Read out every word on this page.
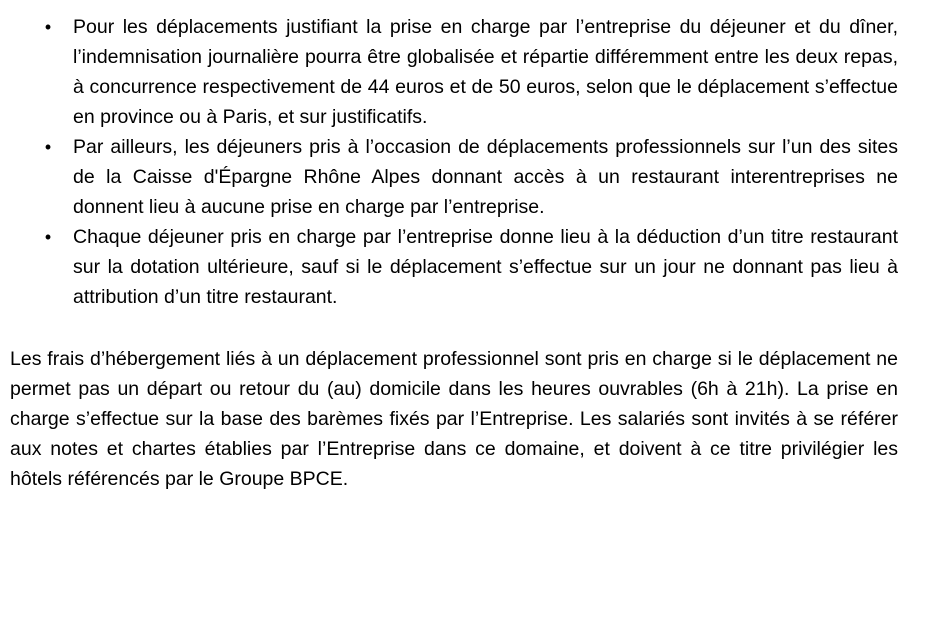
• Pour les déplacements justifiant la prise en charge par l’entreprise du déjeuner et du dîner, l’indemnisation journalière pourra être globalisée et répartie différemment entre les deux repas, à concurrence respectivement de 44 euros et de 50 euros, selon que le déplacement s’effectue en province ou à Paris, et sur justificatifs.
• Par ailleurs, les déjeuners pris à l’occasion de déplacements professionnels sur l’un des sites de la Caisse d'Épargne Rhône Alpes donnant accès à un restaurant interentreprises ne donnent lieu à aucune prise en charge par l’entreprise.
• Chaque déjeuner pris en charge par l’entreprise donne lieu à la déduction d’un titre restaurant sur la dotation ultérieure, sauf si le déplacement s’effectue sur un jour ne donnant pas lieu à attribution d’un titre restaurant.

Les frais d’hébergement liés à un déplacement professionnel sont pris en charge si le déplacement ne permet pas un départ ou retour du (au) domicile dans les heures ouvrables (6h à 21h). La prise en charge s’effectue sur la base des barèmes fixés par l’Entreprise. Les salariés sont invités à se référer aux notes et chartes établies par l’Entreprise dans ce domaine, et doivent à ce titre privilégier les hôtels référencés par le Groupe BPCE.
